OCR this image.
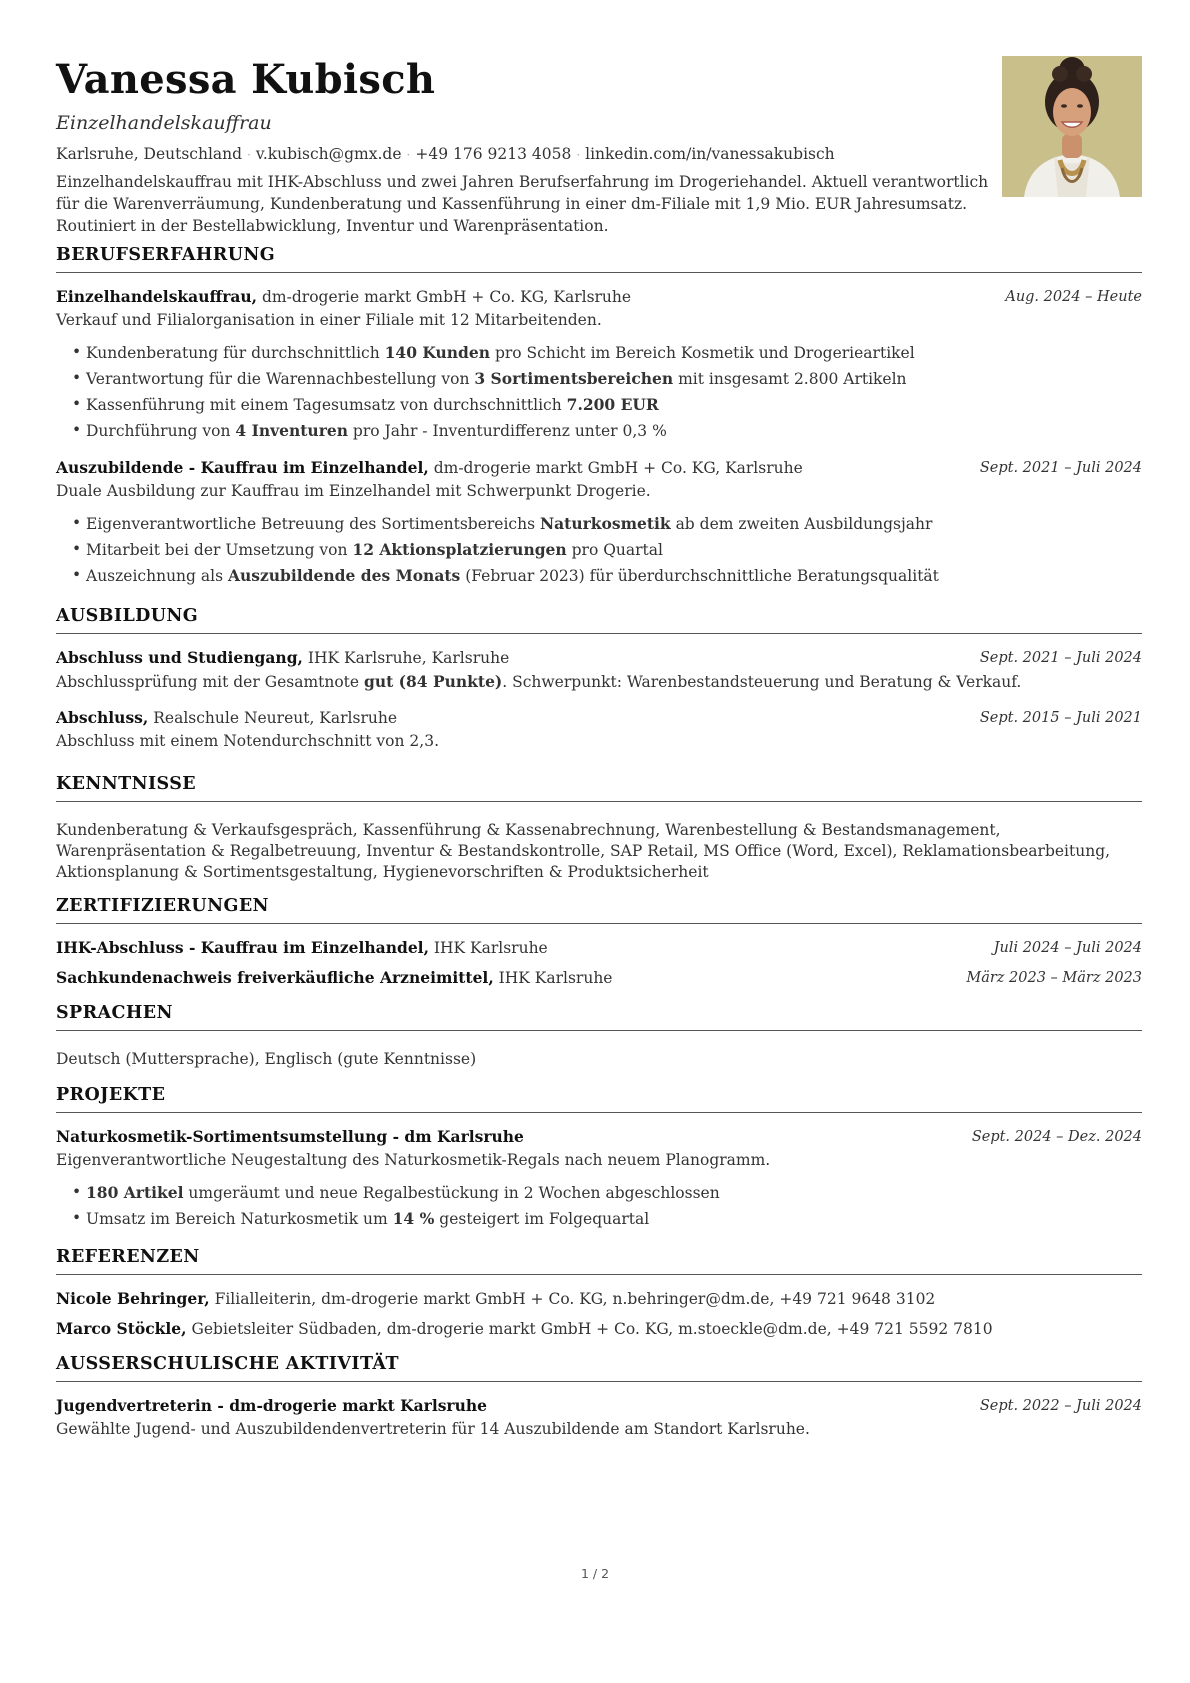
Vanessa Kubisch
Einzelhandelskauffrau
Karlsruhe, Deutschland · v.kubisch@gmx.de · +49 176 9213 4058 · linkedin.com/in/vanessakubisch
Einzelhandelskauffrau mit IHK-Abschluss und zwei Jahren Berufserfahrung im Drogeriehandel. Aktuell verantwortlich für die Warenverräumung, Kundenberatung und Kassenführung in einer dm-Filiale mit 1,9 Mio. EUR Jahresumsatz. Routiniert in der Bestellabwicklung, Inventur und Warenpräsentation.
BERUFSERFAHRUNG
Einzelhandelskauffrau, dm-drogerie markt GmbH + Co. KG, Karlsruhe	Aug. 2024 – Heute
Verkauf und Filialorganisation in einer Filiale mit 12 Mitarbeitenden.
• Kundenberatung für durchschnittlich 140 Kunden pro Schicht im Bereich Kosmetik und Drogerieartikel
• Verantwortung für die Warennachbestellung von 3 Sortimentsbereichen mit insgesamt 2.800 Artikeln
• Kassenführung mit einem Tagesumsatz von durchschnittlich 7.200 EUR
• Durchführung von 4 Inventuren pro Jahr - Inventurdifferenz unter 0,3 %
Auszubildende - Kauffrau im Einzelhandel, dm-drogerie markt GmbH + Co. KG, Karlsruhe	Sept. 2021 – Juli 2024
Duale Ausbildung zur Kauffrau im Einzelhandel mit Schwerpunkt Drogerie.
• Eigenverantwortliche Betreuung des Sortimentsbereichs Naturkosmetik ab dem zweiten Ausbildungsjahr
• Mitarbeit bei der Umsetzung von 12 Aktionsplatzierungen pro Quartal
• Auszeichnung als Auszubildende des Monats (Februar 2023) für überdurchschnittliche Beratungsqualität
AUSBILDUNG
Abschluss und Studiengang, IHK Karlsruhe, Karlsruhe	Sept. 2021 – Juli 2024
Abschlussprüfung mit der Gesamtnote gut (84 Punkte). Schwerpunkt: Warenbestandsteuerung und Beratung & Verkauf.
Abschluss, Realschule Neureut, Karlsruhe	Sept. 2015 – Juli 2021
Abschluss mit einem Notendurchschnitt von 2,3.
KENNTNISSE
Kundenberatung & Verkaufsgespräch, Kassenführung & Kassenabrechnung, Warenbestellung & Bestandsmanagement, Warenpräsentation & Regalbetreuung, Inventur & Bestandskontrolle, SAP Retail, MS Office (Word, Excel), Reklamationsbearbeitung, Aktionsplanung & Sortimentsgestaltung, Hygienevorschriften & Produktsicherheit
ZERTIFIZIERUNGEN
IHK-Abschluss - Kauffrau im Einzelhandel, IHK Karlsruhe	Juli 2024 – Juli 2024
Sachkundenachweis freiverkäufliche Arzneimittel, IHK Karlsruhe	März 2023 – März 2023
SPRACHEN
Deutsch (Muttersprache), Englisch (gute Kenntnisse)
PROJEKTE
Naturkosmetik-Sortimentsumstellung - dm Karlsruhe	Sept. 2024 – Dez. 2024
Eigenverantwortliche Neugestaltung des Naturkosmetik-Regals nach neuem Planogramm.
• 180 Artikel umgeräumt und neue Regalbestückung in 2 Wochen abgeschlossen
• Umsatz im Bereich Naturkosmetik um 14 % gesteigert im Folgequartal
REFERENZEN
Nicole Behringer, Filialleiterin, dm-drogerie markt GmbH + Co. KG, n.behringer@dm.de, +49 721 9648 3102
Marco Stöckle, Gebietsleiter Südbaden, dm-drogerie markt GmbH + Co. KG, m.stoeckle@dm.de, +49 721 5592 7810
AUSSERSCHULISCHE AKTIVITÄT
Jugendvertreterin - dm-drogerie markt Karlsruhe	Sept. 2022 – Juli 2024
Gewählte Jugend- und Auszubildendenvertreterin für 14 Auszubildende am Standort Karlsruhe.
1 / 2
